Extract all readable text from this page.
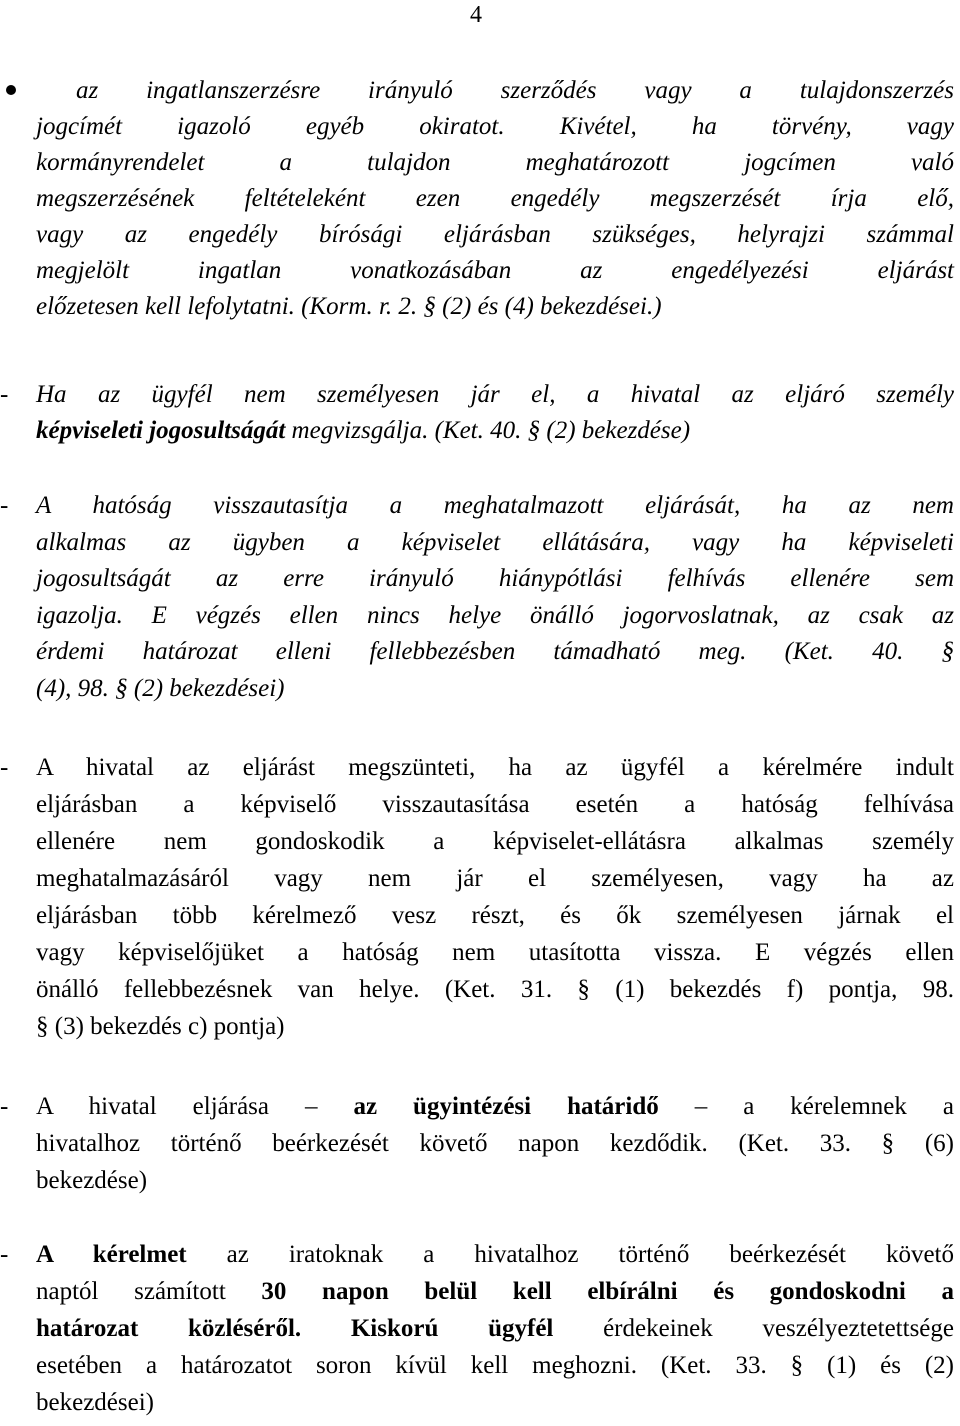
4
az ingatlanszerzésre irányuló szerződés vagy a tulajdonszerzés
jogcímét igazoló egyéb okiratot. Kivétel, ha törvény, vagy
kormányrendelet a tulajdon meghatározott jogcímen való
megszerzésének feltételeként ezen engedély megszerzését írja elő,
vagy az engedély bírósági eljárásban szükséges, helyrajzi számmal
megjelölt ingatlan vonatkozásában az engedélyezési eljárást
előzetesen kell lefolytatni. (Korm. r. 2. § (2) és (4) bekezdései.)
- Ha az ügyfél nem személyesen jár el, a hivatal az eljáró személy
képviseleti jogosultságát megvizsgálja. (Ket. 40. § (2) bekezdése)
- A hatóság visszautasítja a meghatalmazott eljárását, ha az nem
alkalmas az ügyben a képviselet ellátására, vagy ha képviseleti
jogosultságát az erre irányuló hiánypótlási felhívás ellenére sem
igazolja. E végzés ellen nincs helye önálló jogorvoslatnak, az csak az
érdemi határozat elleni fellebbezésben támadható meg. (Ket. 40. §
(4), 98. § (2) bekezdései)
- A hivatal az eljárást megszünteti, ha az ügyfél a kérelmére indult
eljárásban a képviselő visszautasítása esetén a hatóság felhívása
ellenére nem gondoskodik a képviselet-ellátásra alkalmas személy
meghatalmazásáról vagy nem jár el személyesen, vagy ha az
eljárásban több kérelmező vesz részt, és ők személyesen járnak el
vagy képviselőjüket a hatóság nem utasította vissza. E végzés ellen
önálló fellebbezésnek van helye. (Ket. 31. § (1) bekezdés f) pontja, 98.
§ (3) bekezdés c) pontja)
- A hivatal eljárása – az ügyintézési határidő – a kérelemnek a
hivatalhoz történő beérkezését követő napon kezdődik. (Ket. 33. § (6)
bekezdése)
- A kérelmet az iratoknak a hivatalhoz történő beérkezését követő
naptól számított 30 napon belül kell elbírálni és gondoskodni a
határozat közléséről. Kiskorú ügyfél érdekeinek veszélyeztetettsége
esetében a határozatot soron kívül kell meghozni. (Ket. 33. § (1) és (2)
bekezdései)
